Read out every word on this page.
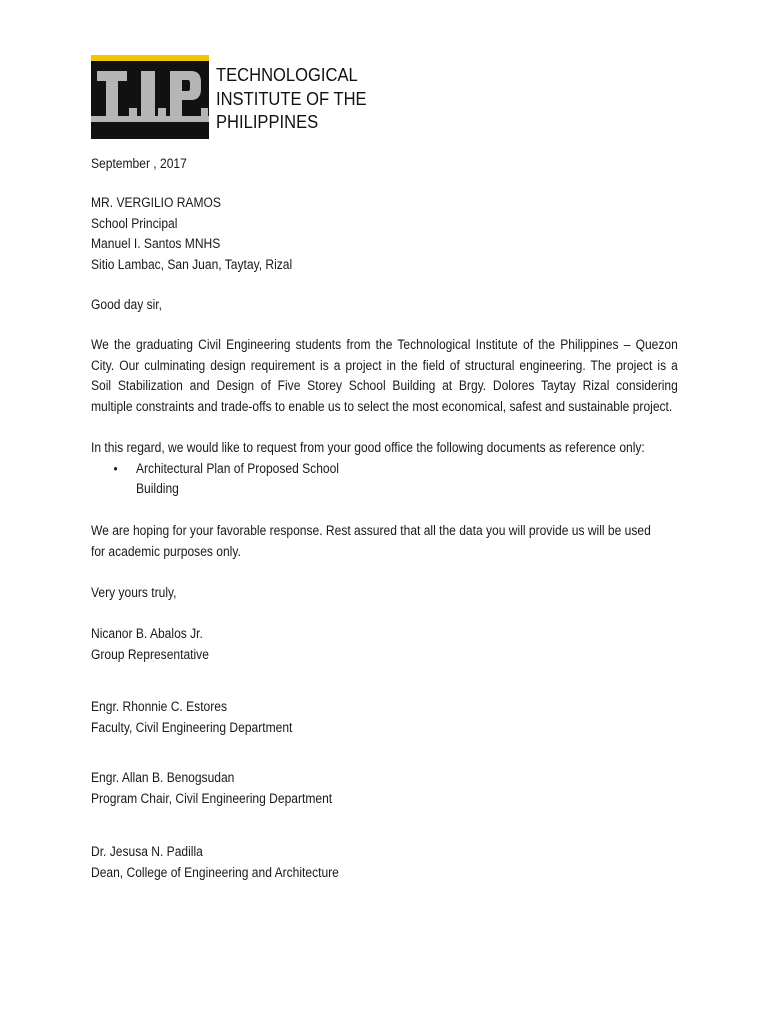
TECHNOLOGICAL
INSTITUTE OF THE
PHILIPPINES
September , 2017
MR. VERGILIO RAMOS
School Principal
Manuel I. Santos MNHS
Sitio Lambac, San Juan, Taytay, Rizal
Good day sir,
We the graduating Civil Engineering students from the Technological Institute of the Philippines – Quezon
City. Our culminating design requirement is a project in the field of structural engineering. The project is a
Soil Stabilization and Design of Five Storey School Building at Brgy. Dolores Taytay Rizal considering
multiple constraints and trade-offs to enable us to select the most economical, safest and sustainable project.
In this regard, we would like to request from your good office the following documents as reference only:
• Architectural Plan of Proposed School
Building
We are hoping for your favorable response. Rest assured that all the data you will provide us will be used
for academic purposes only.
Very yours truly,
Nicanor B. Abalos Jr.
Group Representative
Engr. Rhonnie C. Estores
Faculty, Civil Engineering Department
Engr. Allan B. Benogsudan
Program Chair, Civil Engineering Department
Dr. Jesusa N. Padilla
Dean, College of Engineering and Architecture
